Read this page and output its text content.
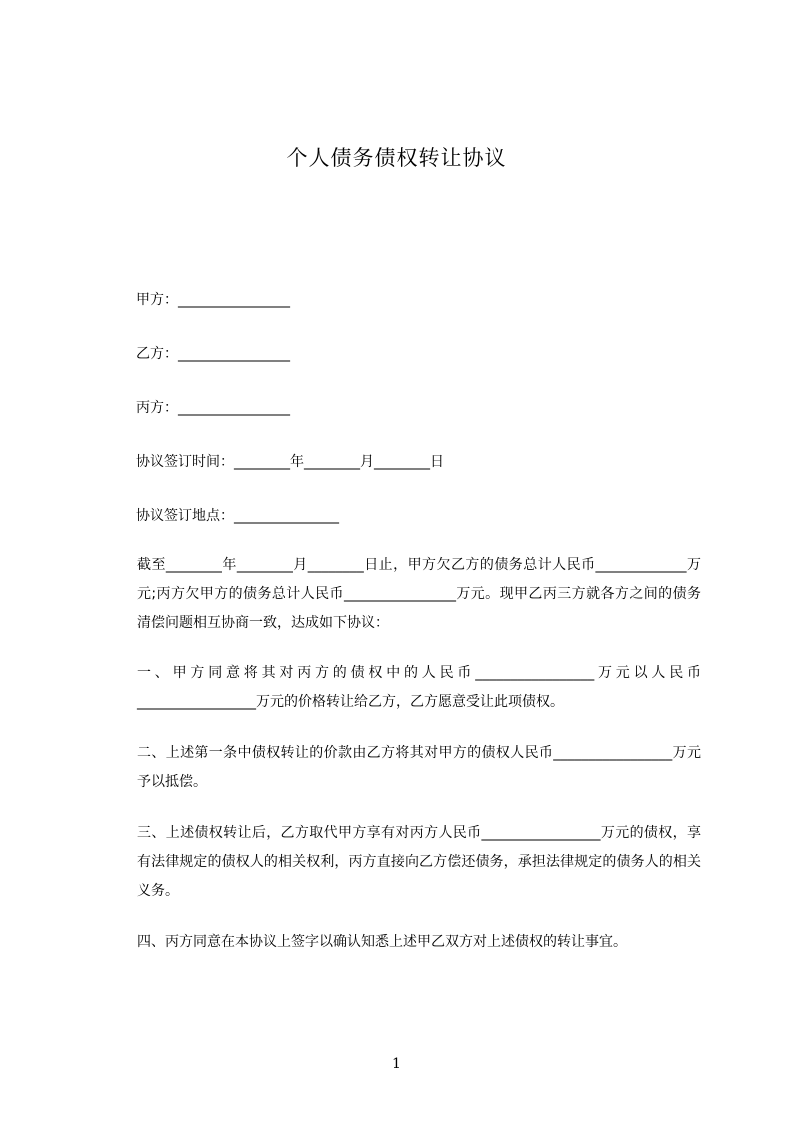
个人债务债权转让协议
甲方：________________
乙方：________________
丙方：________________
协议签订时间：________年________月________日
协议签订地点：_______________

截至________年________月________日止，甲方欠乙方的债务总计人民币_____________万元;丙方欠甲方的债务总计人民币________________万元。现甲乙丙三方就各方之间的债务清偿问题相互协商一致，达成如下协议：

一、甲方同意将其对丙方的债权中的人民币_________________万元以人民币_________________万元的价格转让给乙方，乙方愿意受让此项债权。

二、上述第一条中债权转让的价款由乙方将其对甲方的债权人民币_________________万元予以抵偿。

三、上述债权转让后，乙方取代甲方享有对丙方人民币_________________万元的债权，享有法律规定的债权人的相关权利，丙方直接向乙方偿还债务，承担法律规定的债务人的相关义务。

四、丙方同意在本协议上签字以确认知悉上述甲乙双方对上述债权的转让事宜。

1
